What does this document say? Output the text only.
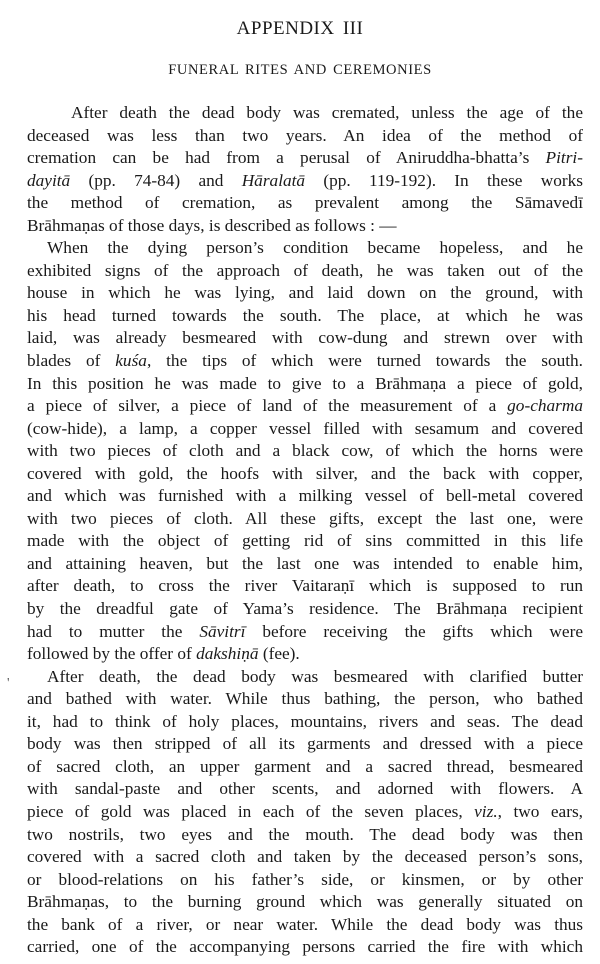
APPENDIX III
FUNERAL RITES AND CEREMONIES
'
After death the dead body was cremated, unless the age of the
deceased was less than two years. An idea of the method of
cremation can be had from a perusal of Aniruddha-bhatta’s Pitri-
dayitā (pp. 74-84) and Hāralatā (pp. 119-192). In these works
the method of cremation, as prevalent among the Sāmavedī
Brāhmaṇas of those days, is described as follows : —
When the dying person’s condition became hopeless, and he
exhibited signs of the approach of death, he was taken out of the
house in which he was lying, and laid down on the ground, with
his head turned towards the south. The place, at which he was
laid, was already besmeared with cow-dung and strewn over with
blades of kuśa, the tips of which were turned towards the south.
In this position he was made to give to a Brāhmaṇa a piece of gold,
a piece of silver, a piece of land of the measurement of a go-charma
(cow-hide), a lamp, a copper vessel filled with sesamum and covered
with two pieces of cloth and a black cow, of which the horns were
covered with gold, the hoofs with silver, and the back with copper,
and which was furnished with a milking vessel of bell-metal covered
with two pieces of cloth. All these gifts, except the last one, were
made with the object of getting rid of sins committed in this life
and attaining heaven, but the last one was intended to enable him,
after death, to cross the river Vaitaraṇī which is supposed to run
by the dreadful gate of Yama’s residence. The Brāhmaṇa recipient
had to mutter the Sāvitrī before receiving the gifts which were
followed by the offer of dakshiṇā (fee).
After death, the dead body was besmeared with clarified butter
and bathed with water. While thus bathing, the person, who bathed
it, had to think of holy places, mountains, rivers and seas. The dead
body was then stripped of all its garments and dressed with a piece
of sacred cloth, an upper garment and a sacred thread, besmeared
with sandal-paste and other scents, and adorned with flowers. A
piece of gold was placed in each of the seven places, viz., two ears,
two nostrils, two eyes and the mouth. The dead body was then
covered with a sacred cloth and taken by the deceased person’s sons,
or blood-relations on his father’s side, or kinsmen, or by other
Brāhmaṇas, to the burning ground which was generally situated on
the bank of a river, or near water. While the dead body was thus
carried, one of the accompanying persons carried the fire with which
